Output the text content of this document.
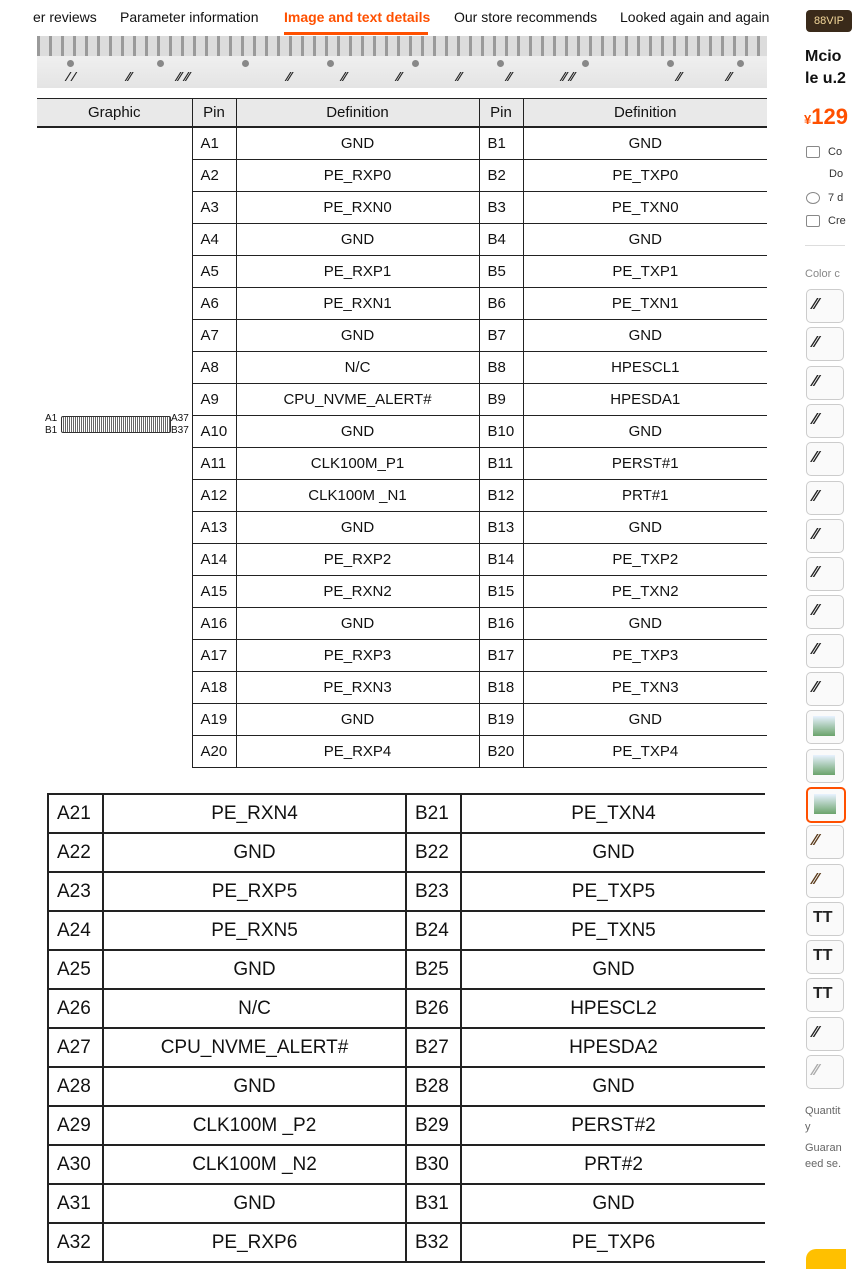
er reviews Parameter information Image and text details Our store recommends Looked again and again
⁄ ⁄	⁄⁄	⁄⁄ ⁄⁄	⁄⁄	⁄⁄	⁄⁄	⁄⁄	⁄⁄	⁄⁄ ⁄⁄	⁄⁄	⁄⁄
Graphic	Pin	Definition	Pin	Definition

A1
B1
A37
B37	A1	GND	B1	GND
	A2	PE_RXP0	B2	PE_TXP0
	A3	PE_RXN0	B3	PE_TXN0
	A4	GND	B4	GND
	A5	PE_RXP1	B5	PE_TXP1
	A6	PE_RXN1	B6	PE_TXN1
	A7	GND	B7	GND
	A8	N/C	B8	HPESCL1
	A9	CPU_NVME_ALERT#	B9	HPESDA1
	A10	GND	B10	GND
	A11	CLK100M_P1	B11	PERST#1
	A12	CLK100M _N1	B12	PRT#1
	A13	GND	B13	GND
	A14	PE_RXP2	B14	PE_TXP2
	A15	PE_RXN2	B15	PE_TXN2
	A16	GND	B16	GND
	A17	PE_RXP3	B17	PE_TXP3
	A18	PE_RXN3	B18	PE_TXN3
	A19	GND	B19	GND
	A20	PE_RXP4	B20	PE_TXP4
A21	PE_RXN4	B21	PE_TXN4
A22	GND	B22	GND
A23	PE_RXP5	B23	PE_TXP5
A24	PE_RXN5	B24	PE_TXN5
A25	GND	B25	GND
A26	N/C	B26	HPESCL2
A27	CPU_NVME_ALERT#	B27	HPESDA2
A28	GND	B28	GND
A29	CLK100M _P2	B29	PERST#2
A30	CLK100M _N2	B30	PRT#2
A31	GND	B31	GND
A32	PE_RXP6	B32	PE_TXP6
88VIP
Mcio
le u.2
¥129
Co
Do
7 d
Cre
Color c
⁄⁄
⁄⁄
⁄⁄
⁄⁄
⁄⁄
⁄⁄
⁄⁄
⁄⁄
⁄⁄
⁄⁄
⁄⁄
⁄⁄
⁄⁄
ΤΤ
ΤΤ
ΤΤ
⁄⁄
⁄⁄
Quantit y
Guaran eed se.
